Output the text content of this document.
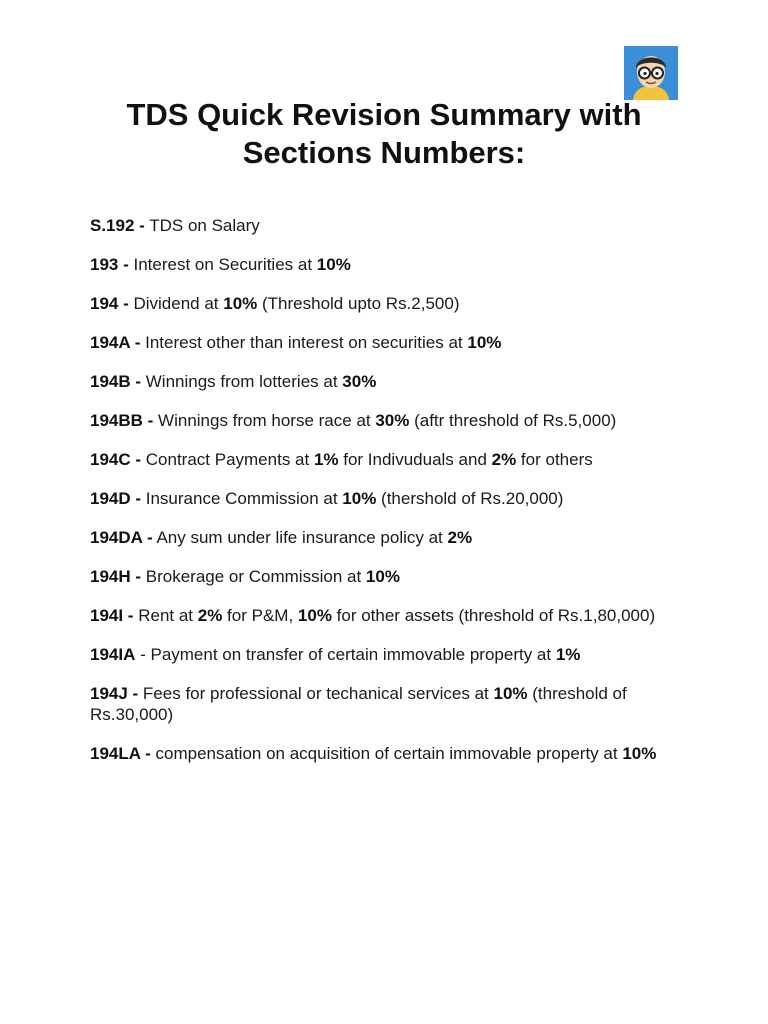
TDS Quick Revision Summary with
Sections Numbers:
S.192 - TDS on Salary
193 - Interest on Securities at 10%
194 - Dividend at 10% (Threshold upto Rs.2,500)
194A - Interest other than interest on securities at 10%
194B - Winnings from lotteries at 30%
194BB - Winnings from horse race at 30% (aftr threshold of Rs.5,000)
194C - Contract Payments at 1% for Indivuduals and 2% for others
194D - Insurance Commission at 10% (thershold of Rs.20,000)
194DA - Any sum under life insurance policy at 2%
194H - Brokerage or Commission at 10%
194I - Rent at 2% for P&M, 10% for other assets (threshold of Rs.1,80,000)
194IA - Payment on transfer of certain immovable property at 1%
194J - Fees for professional or techanical services at 10% (threshold of Rs.30,000)
194LA - compensation on acquisition of certain immovable property at 10%
